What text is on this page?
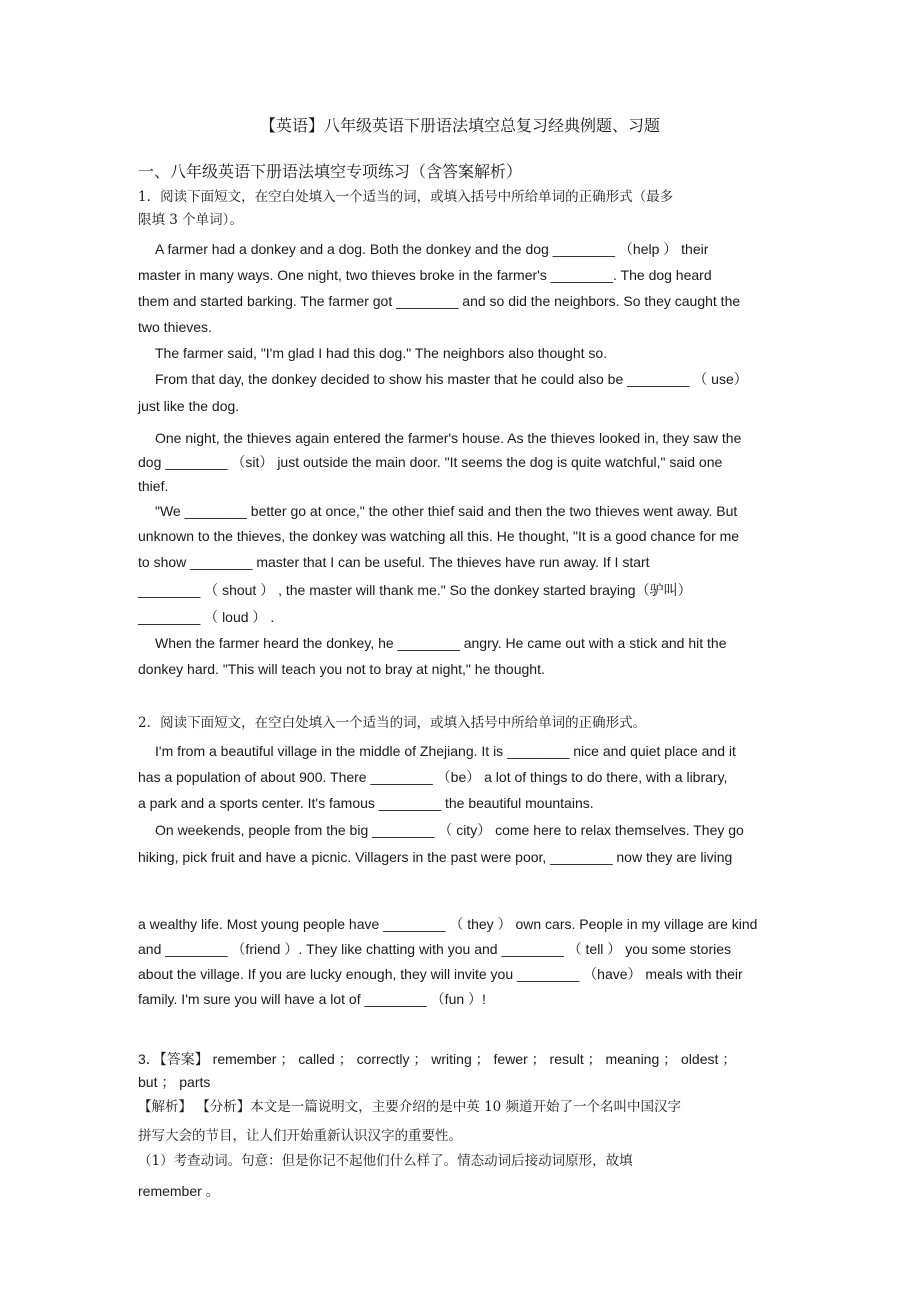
【英语】八年级英语下册语法填空总复习经典例题、习题
一、八年级英语下册语法填空专项练习（含答案解析）
1．阅读下面短文，在空白处填入一个适当的词，或填入括号中所给单词的正确形式（最多
限填 3 个单词）。
A farmer had a donkey and a dog. Both the donkey and the dog ________ （help ） their
master in many ways. One night, two thieves broke in the farmer's ________. The dog heard
them and started barking. The farmer got ________ and so did the neighbors. So they caught the
two thieves.
The farmer said, "I'm glad I had this dog." The neighbors also thought so.
From that day, the donkey decided to show his master that he could also be ________ （ use）
just like the dog.
One night, the thieves again entered the farmer's house. As the thieves looked in, they saw the
dog ________ （sit） just outside the main door. "It seems the dog is quite watchful," said one
thief.
"We ________ better go at once," the other thief said and then the two thieves went away. But
unknown to the thieves, the donkey was watching all this. He thought, "It is a good chance for me
to show ________ master that I can be useful. The thieves have run away. If I start
________ （ shout ） , the master will thank me." So the donkey started braying（驴叫）
________ （ loud ） .
When the farmer heard the donkey, he ________ angry. He came out with a stick and hit the
donkey hard. "This will teach you not to bray at night," he thought.
2．阅读下面短文，在空白处填入一个适当的词，或填入括号中所给单词的正确形式。
I'm from a beautiful village in the middle of Zhejiang. It is ________ nice and quiet place and it
has a population of about 900. There ________ （be） a lot of things to do there, with a library,
a park and a sports center. It's famous ________ the beautiful mountains.
On weekends, people from the big ________ （ city） come here to relax themselves. They go
hiking, pick fruit and have a picnic. Villagers in the past were poor, ________ now they are living
a wealthy life. Most young people have ________ （ they ） own cars. People in my village are kind
and ________ （friend ）. They like chatting with you and ________ （ tell ） you some stories
about the village. If you are lucky enough, they will invite you ________ （have） meals with their
family. I'm sure you will have a lot of ________ （fun ）!
3．【答案】 remember ； called ； correctly ； writing ； fewer ； result ； meaning ； oldest ；
but ； parts
【解析】 【分析】本文是一篇说明文，主要介绍的是中英 10 频道开始了一个名叫中国汉字
拼写大会的节目，让人们开始重新认识汉字的重要性。
（1）考查动词。句意：但是你记不起他们什么样了。情态动词后接动词原形，故填
remember 。
